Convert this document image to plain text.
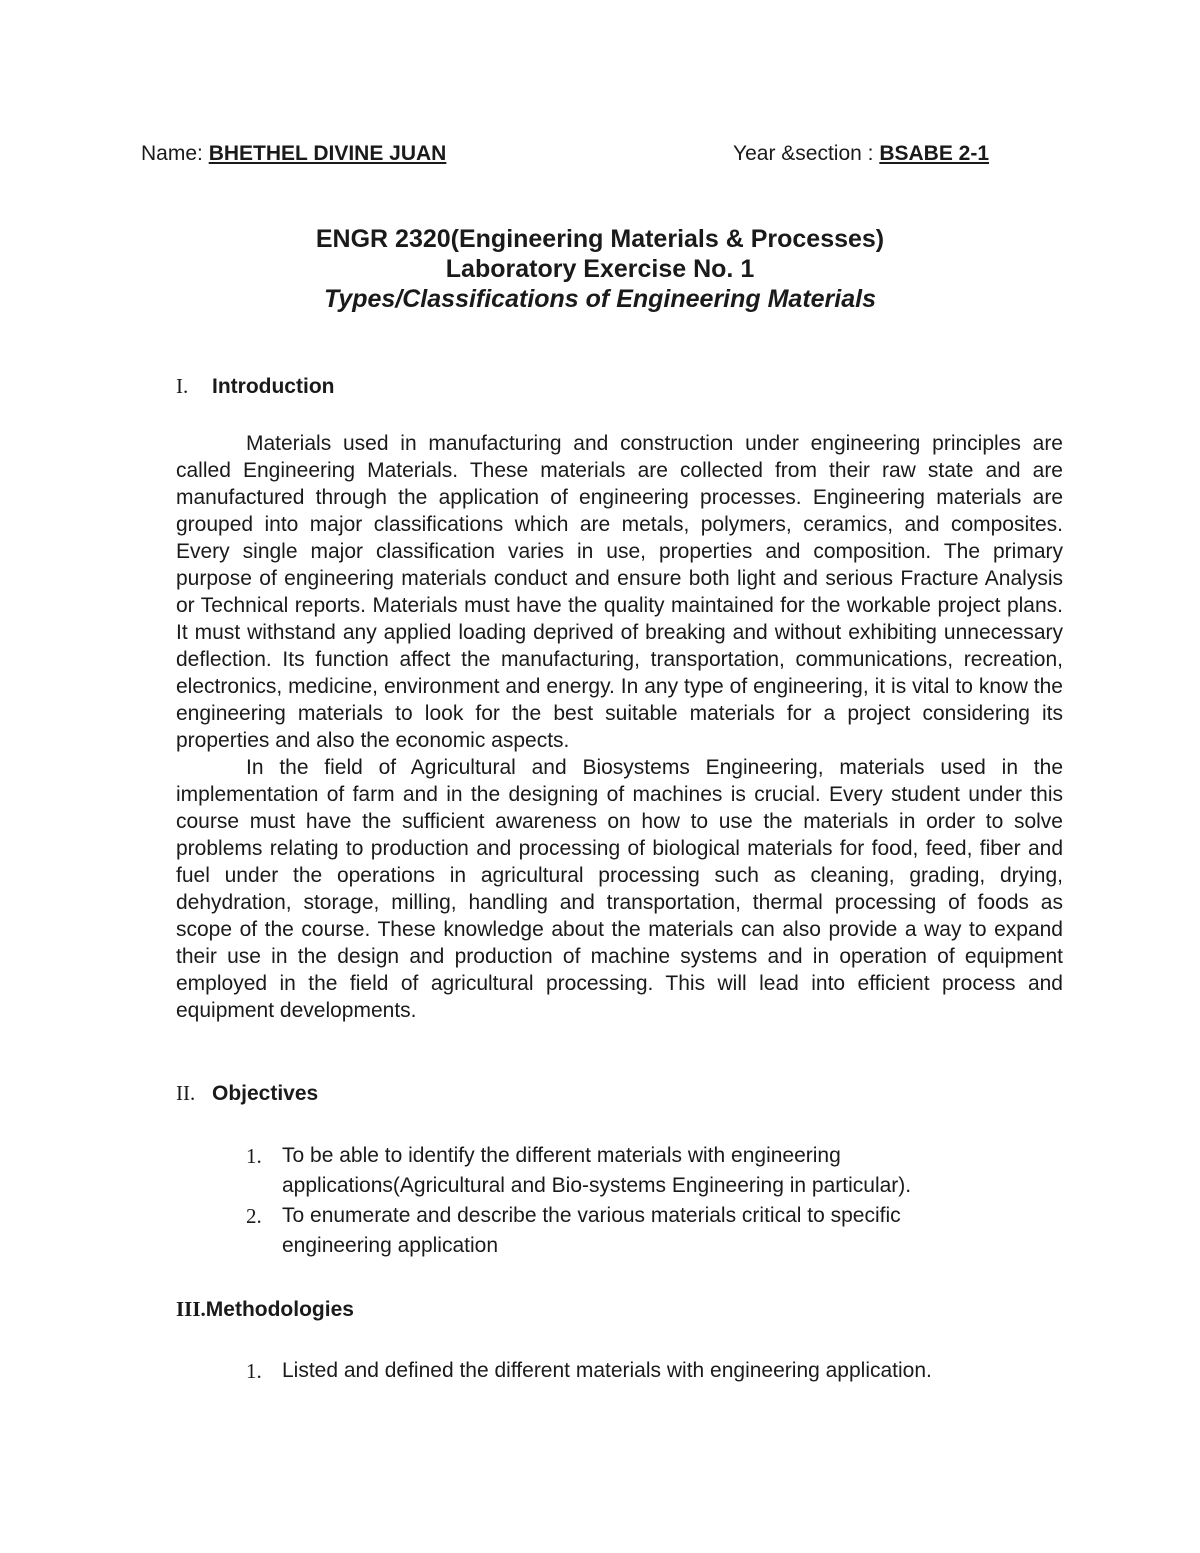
Name: BHETHEL DIVINE JUAN	Year &section : BSABE 2-1
ENGR 2320(Engineering Materials & Processes)
Laboratory Exercise No. 1
Types/Classifications of Engineering Materials
I. Introduction

Materials used in manufacturing and construction under engineering principles are called Engineering Materials. These materials are collected from their raw state and are manufactured through the application of engineering processes. Engineering materials are grouped into major classifications which are metals, polymers, ceramics, and composites. Every single major classification varies in use, properties and composition. The primary purpose of engineering materials conduct and ensure both light and serious Fracture Analysis or Technical reports. Materials must have the quality maintained for the workable project plans. It must withstand any applied loading deprived of breaking and without exhibiting unnecessary deflection. Its function affect the manufacturing, transportation, communications, recreation, electronics, medicine, environment and energy. In any type of engineering, it is vital to know the engineering materials to look for the best suitable materials for a project considering its properties and also the economic aspects.

In the field of Agricultural and Biosystems Engineering, materials used in the implementation of farm and in the designing of machines is crucial. Every student under this course must have the sufficient awareness on how to use the materials in order to solve problems relating to production and processing of biological materials for food, feed, fiber and fuel under the operations in agricultural processing such as cleaning, grading, drying, dehydration, storage, milling, handling and transportation, thermal processing of foods as scope of the course. These knowledge about the materials can also provide a way to expand their use in the design and production of machine systems and in operation of equipment employed in the field of agricultural processing. This will lead into efficient process and equipment developments.

II. Objectives
1. To be able to identify the different materials with engineering applications(Agricultural and Bio-systems Engineering in particular).
2. To enumerate and describe the various materials critical to specific engineering application
III.Methodologies
1. Listed and defined the different materials with engineering application.
